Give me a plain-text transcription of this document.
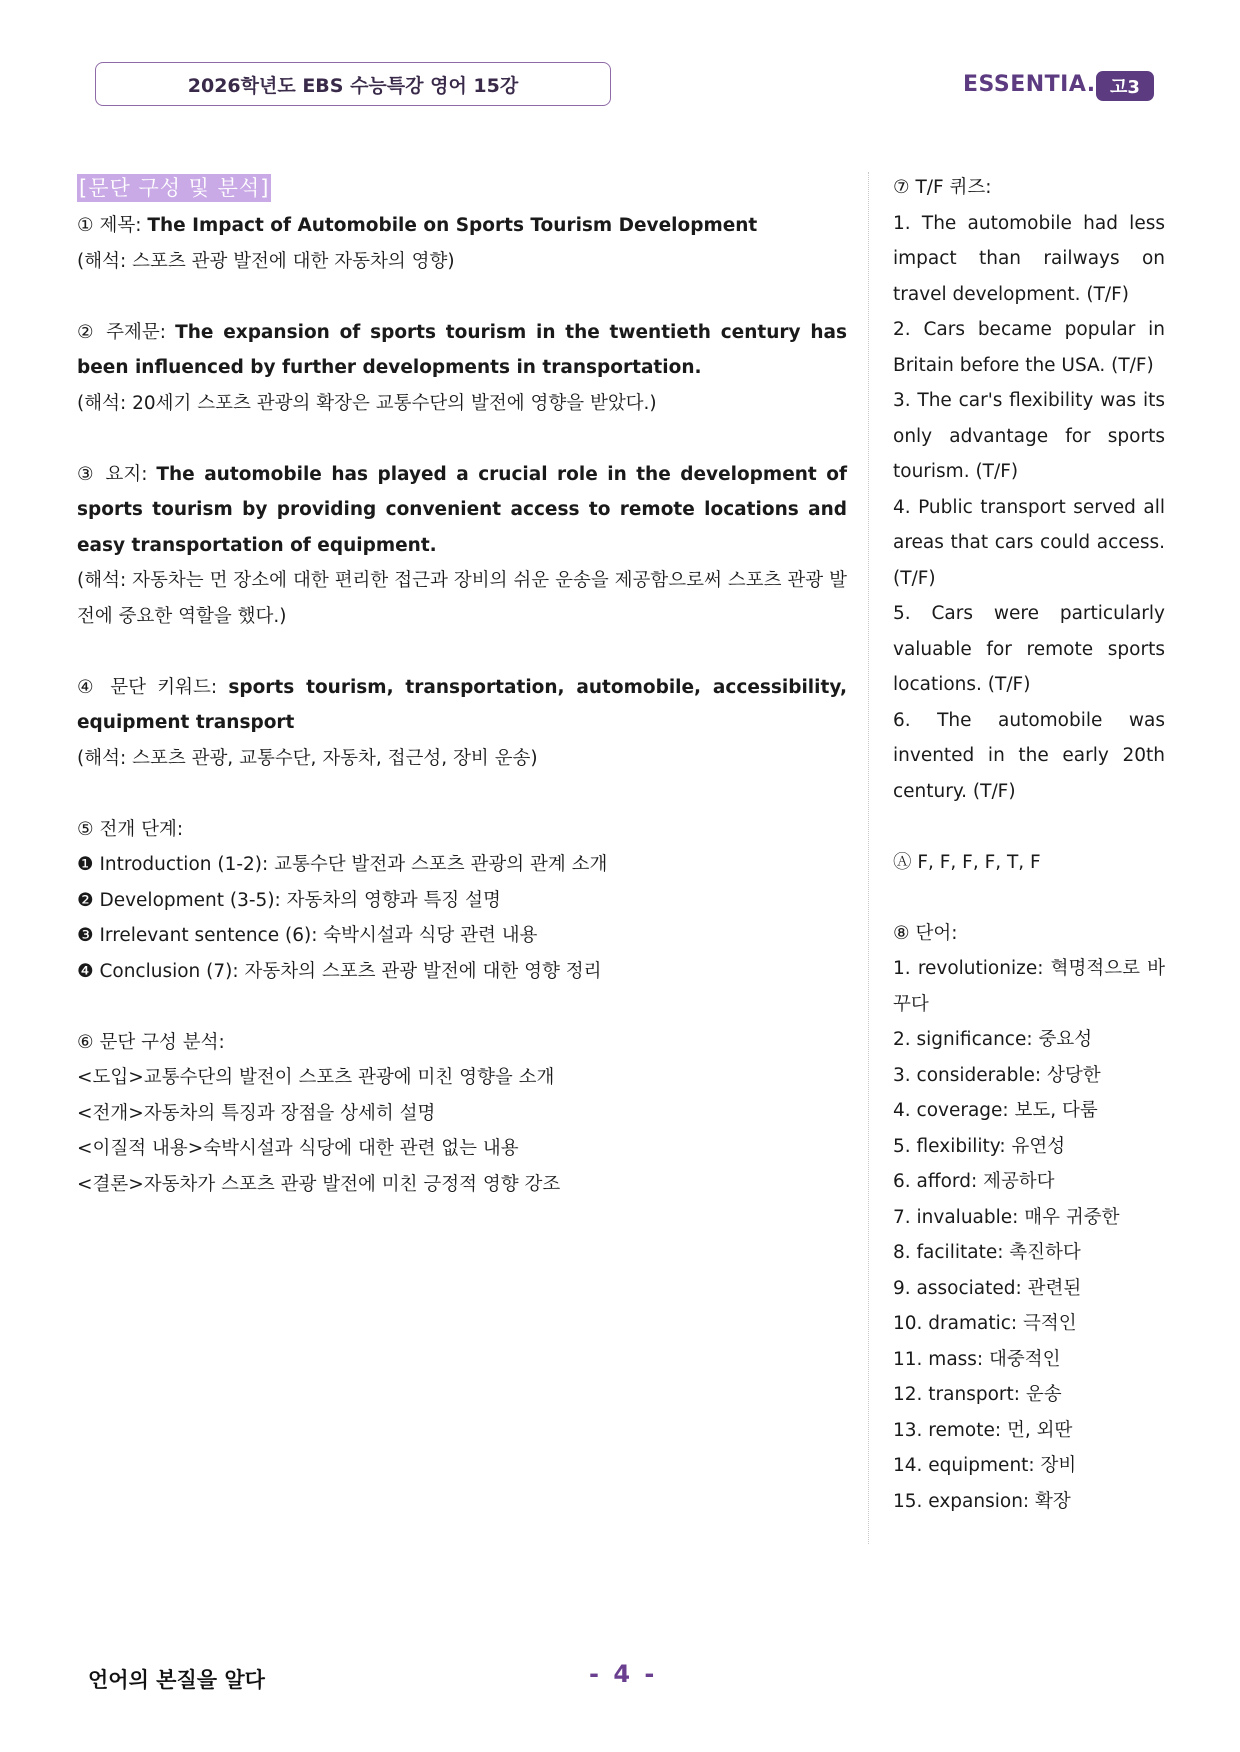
2026학년도 EBS 수능특강 영어 15강	ESSENTIA. 고3
[문단 구성 및 분석]

① 제목: The Impact of Automobile on Sports Tourism Development

(해석: 스포츠 관광 발전에 대한 자동차의 영향)

② 주제문: The expansion of sports tourism in the twentieth century has been influenced by further developments in transportation.

(해석: 20세기 스포츠 관광의 확장은 교통수단의 발전에 영향을 받았다.)

③ 요지: The automobile has played a crucial role in the development of sports tourism by providing convenient access to remote locations and easy transportation of equipment.

(해석: 자동차는 먼 장소에 대한 편리한 접근과 장비의 쉬운 운송을 제공함으로써 스포츠 관광 발전에 중요한 역할을 했다.)

④ 문단 키워드: sports tourism, transportation, automobile, accessibility, equipment transport

(해석: 스포츠 관광, 교통수단, 자동차, 접근성, 장비 운송)

⑤ 전개 단계:

❶ Introduction (1-2): 교통수단 발전과 스포츠 관광의 관계 소개

❷ Development (3-5): 자동차의 영향과 특징 설명

❸ Irrelevant sentence (6): 숙박시설과 식당 관련 내용

❹ Conclusion (7): 자동차의 스포츠 관광 발전에 대한 영향 정리

⑥ 문단 구성 분석:

<도입>교통수단의 발전이 스포츠 관광에 미친 영향을 소개

<전개>자동차의 특징과 장점을 상세히 설명

<이질적 내용>숙박시설과 식당에 대한 관련 없는 내용

<결론>자동차가 스포츠 관광 발전에 미친 긍정적 영향 강조

⑦ T/F 퀴즈:

1. The automobile had less impact than railways on travel development. (T/F)

2. Cars became popular in Britain before the USA. (T/F)

3. The car's flexibility was its only advantage for sports tourism. (T/F)

4. Public transport served all areas that cars could access. (T/F)

5. Cars were particularly valuable for remote sports locations. (T/F)

6. The automobile was invented in the early 20th century. (T/F)

Ⓐ F, F, F, F, T, F

⑧ 단어:

1. revolutionize: 혁명적으로 바꾸다

2. significance: 중요성

3. considerable: 상당한

4. coverage: 보도, 다룸

5. flexibility: 유연성

6. afford: 제공하다

7. invaluable: 매우 귀중한

8. facilitate: 촉진하다

9. associated: 관련된

10. dramatic: 극적인

11. mass: 대중적인

12. transport: 운송

13. remote: 먼, 외딴

14. equipment: 장비

15. expansion: 확장

언어의 본질을 알다	- 4 -
